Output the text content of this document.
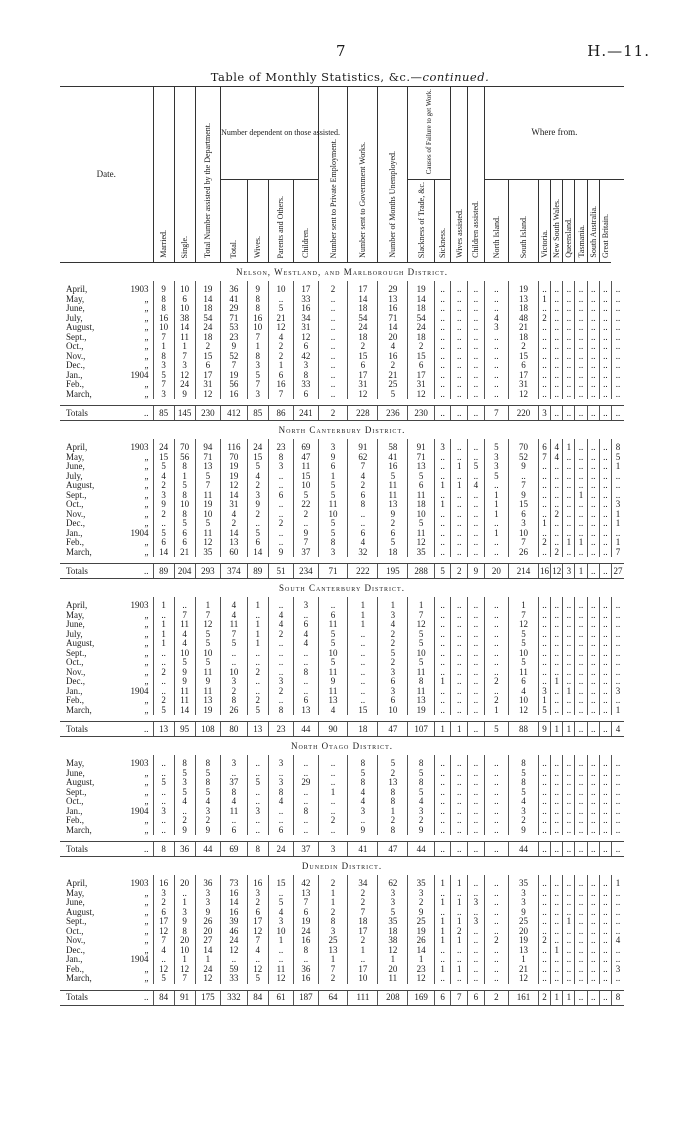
7	H.—11.
Table of Monthly Statistics, &c.—continued.
Date.		Married.	Single.	Total Number assisted by the Department.	Number dependent on those assisted.				Number sent to Private Employment.	Number sent to Government Works.	Number of Months Unemployed.	Causes of Failure to get Work.		Wives assisted.	Children assisted.	Where from.								
					Total.	Wives.	Parents and Others.	Children.				Slackness of Trade, &c.	Sickness.			North Island.	South Island.	Victoria.	New South Wales.	Queensland.	Tasmania.	South Australia.	Great Britain.

Nelson, Westland, and Marlborough District.																								
April,	1903	9	10	19	36	9	10	17	2	17	29	19	..	..	..	..	19	..	..	..	..	..	..	..
May,	„	8	6	14	41	8	..	33	..	14	13	14	..	..	..	..	13	1	..	..	..	..	..	..
June,	„	8	10	18	29	8	5	16	..	18	16	18	..	..	..	..	18	..	..	..	..	..	..	..
July,	„	16	38	54	71	16	21	34	..	54	71	54	..	..	..	4	48	2	..	..	..	..	..	..
August,	„	10	14	24	53	10	12	31	..	24	14	24	..	..	..	3	21	..	..	..	..	..	..	..
Sept.,	„	7	11	18	23	7	4	12	..	18	20	18	..	..	..	..	18	..	..	..	..	..	..	..
Oct.,	„	1	1	2	9	1	2	6	..	2	4	2	..	..	..	..	2	..	..	..	..	..	..	..
Nov.,	„	8	7	15	52	8	2	42	..	15	16	15	..	..	..	..	15	..	..	..	..	..	..	..
Dec.,	„	3	3	6	7	3	1	3	..	6	2	6	..	..	..	..	6	..	..	..	..	..	..	..
Jan.,	1904	5	12	17	19	5	6	8	..	17	21	17	..	..	..	..	17	..	..	..	..	..	..	..
Feb.,	„	7	24	31	56	7	16	33	..	31	25	31	..	..	..	..	31	..	..	..	..	..	..	..
March,	„	3	9	12	16	3	7	6	..	12	5	12	..	..	..	..	12	..	..	..	..	..	..	..

Totals	..	85	145	230	412	85	86	241	2	228	236	230	..	..	..	7	220	3	..	..	..	..	..	..
North Canterbury District.																								
April,	1903	24	70	94	116	24	23	69	3	91	58	91	3	..	..	5	70	6	4	1	..	..	..	8
May,	„	15	56	71	70	15	8	47	9	62	41	71	..	..	..	3	52	7	4	..	..	..	..	5
June,	„	5	8	13	19	5	3	11	6	7	16	13	..	1	5	3	9	..	..	..	..	..	..	1
July,	„	4	1	5	19	4	..	15	1	4	5	5	..	..	..	5	..	..	..	..	..	..	..	..
August,	„	2	5	7	12	2	..	10	5	2	11	6	1	1	4	..	7	..	..	..	..	..	..	..
Sept.,	„	3	8	11	14	3	6	5	5	6	11	11	..	..	..	1	9	..	..	..	1	..	..	..
Oct.,	„	9	10	19	31	9	..	22	11	8	13	18	1	..	..	1	15	..	..	..	..	..	..	3
Nov.,	„	2	8	10	4	2	..	2	10	..	9	10	..	..	..	1	6	..	2	..	..	..	..	1
Dec.,	„	..	5	5	2	..	2	..	5	..	2	5	..	..	..	..	3	1	..	..	..	..	..	1
Jan.,	1904	5	6	11	14	5	..	9	5	6	6	11	..	..	..	1	10	..	..	..	..	..	..	..
Feb.,	„	6	6	12	13	6	..	7	8	4	5	12	..	..	..	..	7	2	..	1	1	..	..	1
March,	„	14	21	35	60	14	9	37	3	32	18	35	..	..	..	..	26	..	2	..	..	..	..	7

Totals	..	89	204	293	374	89	51	234	71	222	195	288	5	2	9	20	214	16	12	3	1	..	..	27
South Canterbury District.																								
April,	1903	1	..	1	4	1	..	3	..	1	1	1	..	..	..	..	1	..	..	..	..	..	..	..
May,	„	..	7	7	4	..	4	..	6	1	3	7	..	..	..	..	7	..	..	..	..	..	..	..
June,	„	1	11	12	11	1	4	6	11	1	4	12	..	..	..	..	12	..	..	..	..	..	..	..
July,	„	1	4	5	7	1	2	4	5	..	2	5	..	..	..	..	5	..	..	..	..	..	..	..
August,	„	1	4	5	5	1	..	4	5	..	2	5	..	..	..	..	5	..	..	..	..	..	..	..
Sept.,	„	..	10	10	..	..	..	..	10	..	5	10	..	..	..	..	10	..	..	..	..	..	..	..
Oct.,	„	..	5	5	..	..	..	..	5	..	2	5	..	..	..	..	5	..	..	..	..	..	..	..
Nov.,	„	2	9	11	10	2	..	8	11	..	3	11	..	..	..	..	11	..	..	..	..	..	..	..
Dec.,	„	..	9	9	3	..	3	..	9	..	6	8	1	..	..	2	6	..	1	..	..	..	..	..
Jan.,	1904	..	11	11	2	..	2	..	11	..	3	11	..	..	..	..	4	3	..	1	..	..	..	3
Feb.,	„	2	11	13	8	2	..	6	13	..	6	13	..	..	..	2	10	1	..	..	..	..	..	..
March,	„	5	14	19	26	5	8	13	4	15	10	19	..	..	..	1	12	5	..	..	..	..	..	1

Totals	..	13	95	108	80	13	23	44	90	18	47	107	1	1	..	5	88	9	1	1	..	..	..	4
North Otago District.																								
May,	1903	..	8	8	3	..	3	..	..	8	5	8	..	..	..	..	8	..	..	..	..	..	..	..
June,	„	..	5	5	..	..	..	..	..	5	2	5	..	..	..	..	5	..	..	..	..	..	..	..
August,	„	5	3	8	37	5	3	29	..	8	13	8	..	..	..	..	8	..	..	..	..	..	..	..
Sept.,	„	..	5	5	8	..	8	..	1	4	8	5	..	..	..	..	5	..	..	..	..	..	..	..
Oct.,	„	..	4	4	4	..	4	..	..	4	8	4	..	..	..	..	4	..	..	..	..	..	..	..
Jan.,	1904	3	..	3	11	3	..	8	..	3	1	3	..	..	..	..	3	..	..	..	..	..	..	..
Feb.,	„	..	2	2	..	..	..	..	2	..	2	2	..	..	..	..	2	..	..	..	..	..	..	..
March,	„	..	9	9	6	..	6	..	..	9	8	9	..	..	..	..	9	..	..	..	..	..	..	..

Totals	..	8	36	44	69	8	24	37	3	41	47	44	..	..	..	..	44	..	..	..	..	..	..	..
Dunedin District.																								
April,	1903	16	20	36	73	16	15	42	2	34	62	35	1	1	..	..	35	..	..	..	..	..	..	1
May,	„	3	..	3	16	3	..	13	1	2	3	3	..	..	..	..	3	..	..	..	..	..	..	..
June,	„	2	1	3	14	2	5	7	1	2	3	2	1	1	3	..	3	..	..	..	..	..	..	..
August,	„	6	3	9	16	6	4	6	2	7	5	9	..	..	..	..	9	..	..	..	..	..	..	..
Sept.,	„	17	9	26	39	17	3	19	8	18	35	25	1	1	3	..	25	..	..	1	..	..	..	..
Oct.,	„	12	8	20	46	12	10	24	3	17	18	19	1	2	..	..	20	..	..	..	..	..	..	..
Nov.,	„	7	20	27	24	7	1	16	25	2	38	26	1	1	..	2	19	2	..	..	..	..	..	4
Dec.,	„	4	10	14	12	4	..	8	13	1	12	14	..	..	..	..	13	..	1	..	..	..	..	..
Jan.,	1904	..	1	1	..	..	..	..	1	..	1	1	..	..	..	..	1	..	..	..	..	..	..	..
Feb.,	„	12	12	24	59	12	11	36	7	17	20	23	1	1	..	..	21	..	..	..	..	..	..	3
March,	„	5	7	12	33	5	12	16	2	10	11	12	..	..	..	..	12	..	..	..	..	..	..	..

Totals	..	84	91	175	332	84	61	187	64	111	208	169	6	7	6	2	161	2	1	1	..	..	..	8
